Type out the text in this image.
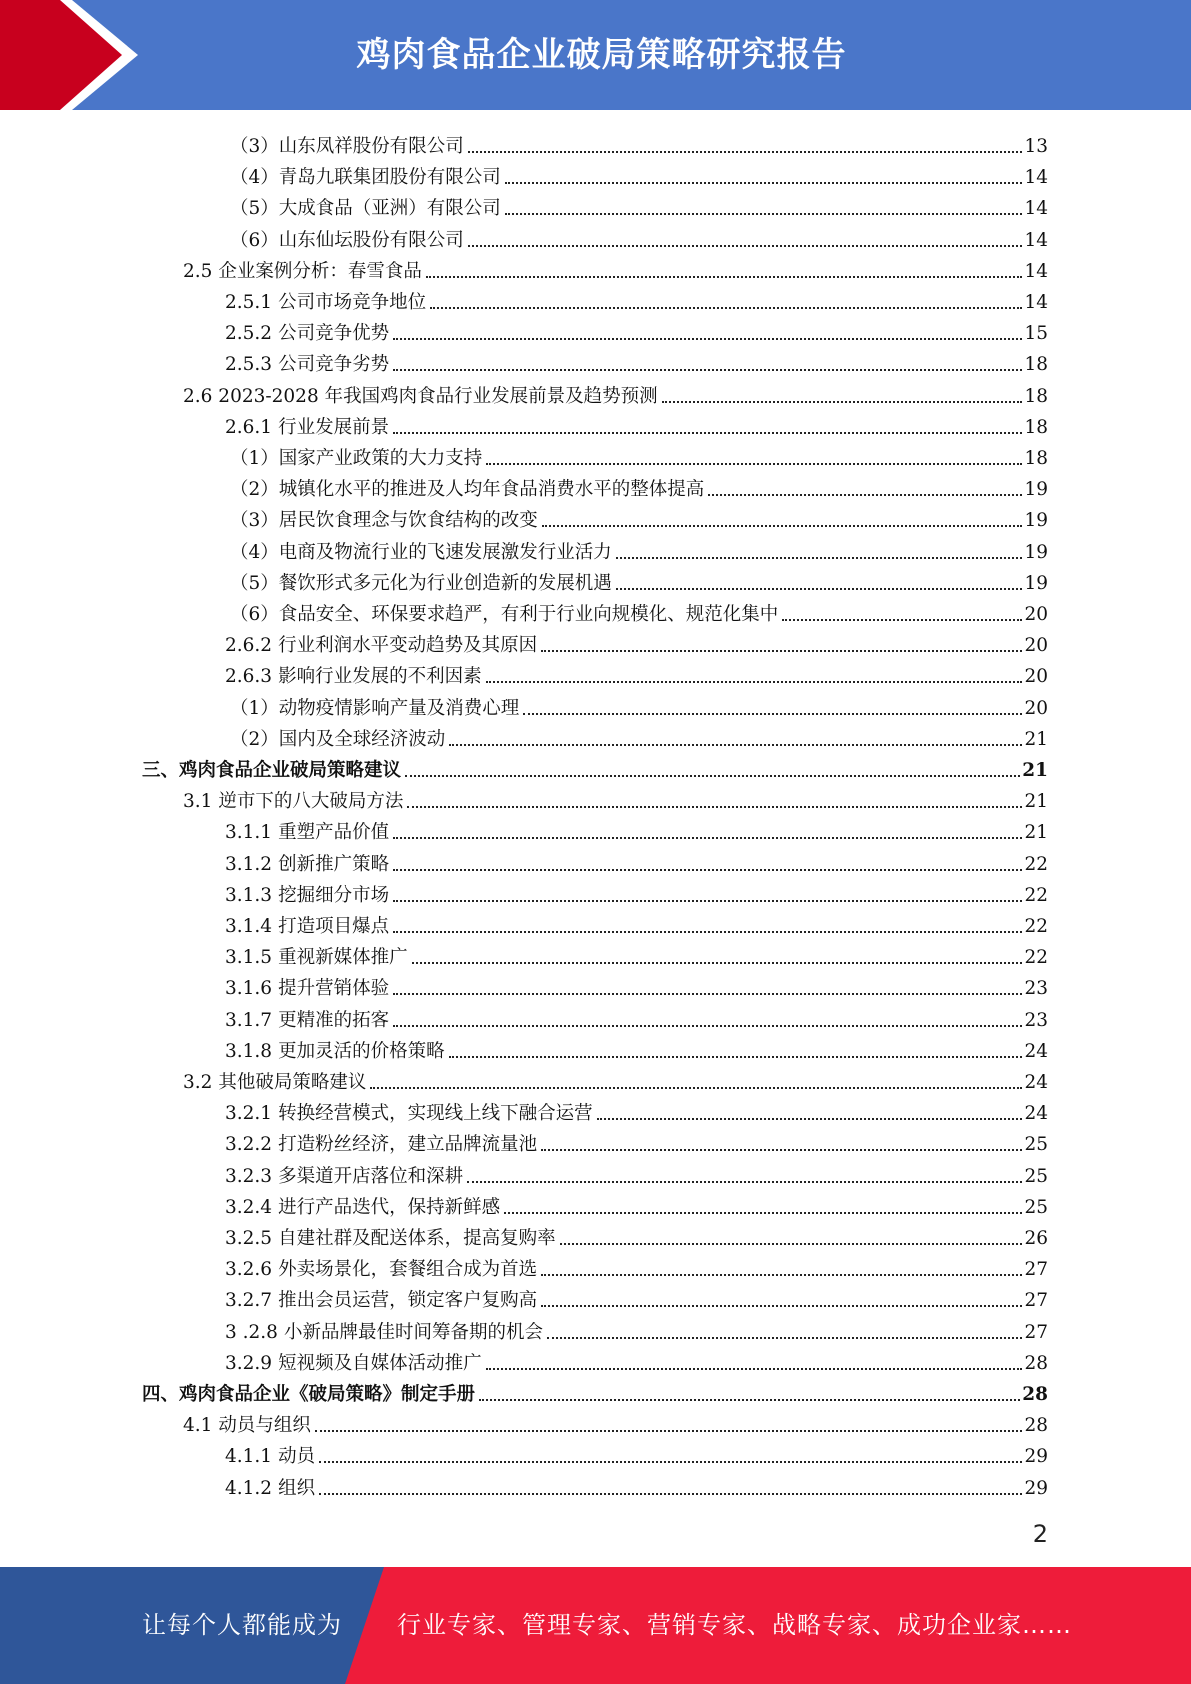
鸡肉食品企业破局策略研究报告
（3）山东凤祥股份有限公司	13
（4）青岛九联集团股份有限公司	14
（5）大成食品（亚洲）有限公司	14
（6）山东仙坛股份有限公司	14
2.5 企业案例分析：春雪食品	14
2.5.1 公司市场竞争地位	14
2.5.2 公司竞争优势	15
2.5.3 公司竞争劣势	18
2.6 2023-2028 年我国鸡肉食品行业发展前景及趋势预测	18
2.6.1 行业发展前景	18
（1）国家产业政策的大力支持	18
（2）城镇化水平的推进及人均年食品消费水平的整体提高	19
（3）居民饮食理念与饮食结构的改变	19
（4）电商及物流行业的飞速发展激发行业活力	19
（5）餐饮形式多元化为行业创造新的发展机遇	19
（6）食品安全、环保要求趋严，有利于行业向规模化、规范化集中	20
2.6.2 行业利润水平变动趋势及其原因	20
2.6.3 影响行业发展的不利因素	20
（1）动物疫情影响产量及消费心理	20
（2）国内及全球经济波动	21
三、鸡肉食品企业破局策略建议	21
3.1 逆市下的八大破局方法	21
3.1.1 重塑产品价值	21
3.1.2 创新推广策略	22
3.1.3 挖掘细分市场	22
3.1.4 打造项目爆点	22
3.1.5 重视新媒体推广	22
3.1.6 提升营销体验	23
3.1.7 更精准的拓客	23
3.1.8 更加灵活的价格策略	24
3.2 其他破局策略建议	24
3.2.1 转换经营模式，实现线上线下融合运营	24
3.2.2 打造粉丝经济，建立品牌流量池	25
3.2.3 多渠道开店落位和深耕	25
3.2.4 进行产品迭代，保持新鲜感	25
3.2.5 自建社群及配送体系，提高复购率	26
3.2.6 外卖场景化，套餐组合成为首选	27
3.2.7 推出会员运营，锁定客户复购高	27
3 .2.8 小新品牌最佳时间筹备期的机会	27
3.2.9 短视频及自媒体活动推广	28
四、鸡肉食品企业《破局策略》制定手册	28
4.1 动员与组织	28
4.1.1 动员	29
4.1.2 组织	29
2
让每个人都能成为 行业专家、管理专家、营销专家、战略专家、成功企业家……
